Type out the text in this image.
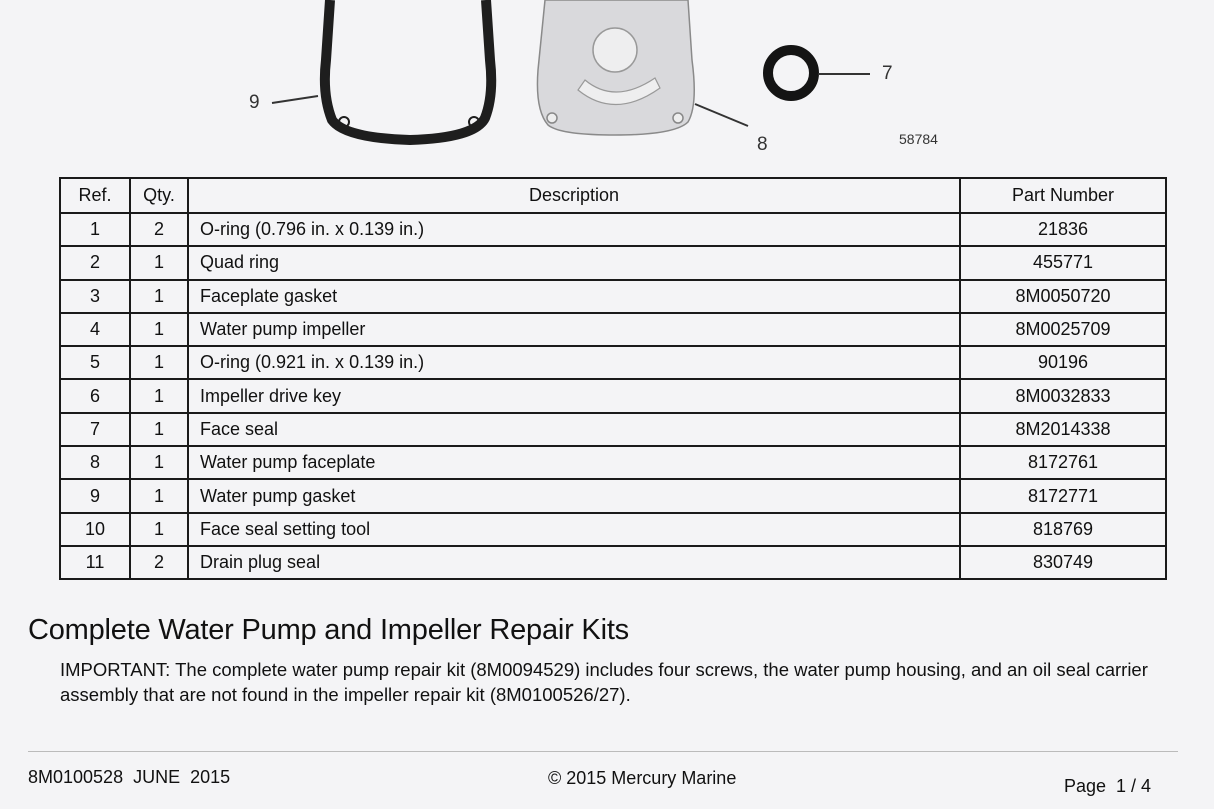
9
8
7
58784
Ref.	Qty.	Description	Part Number
1	2	O-ring (0.796 in. x 0.139 in.)	21836
2	1	Quad ring	455771
3	1	Faceplate gasket	8M0050720
4	1	Water pump impeller	8M0025709
5	1	O-ring (0.921 in. x 0.139 in.)	90196
6	1	Impeller drive key	8M0032833
7	1	Face seal	8M2014338
8	1	Water pump faceplate	8172761
9	1	Water pump gasket	8172771
10	1	Face seal setting tool	818769
11	2	Drain plug seal	830749
Complete Water Pump and Impeller Repair Kits
IMPORTANT: The complete water pump repair kit (8M0094529) includes four screws, the water pump housing, and an oil seal carrier assembly that are not found in the impeller repair kit (8M0100526/27).
8M0100528  JUNE  2015	© 2015 Mercury Marine	Page  1 / 4
